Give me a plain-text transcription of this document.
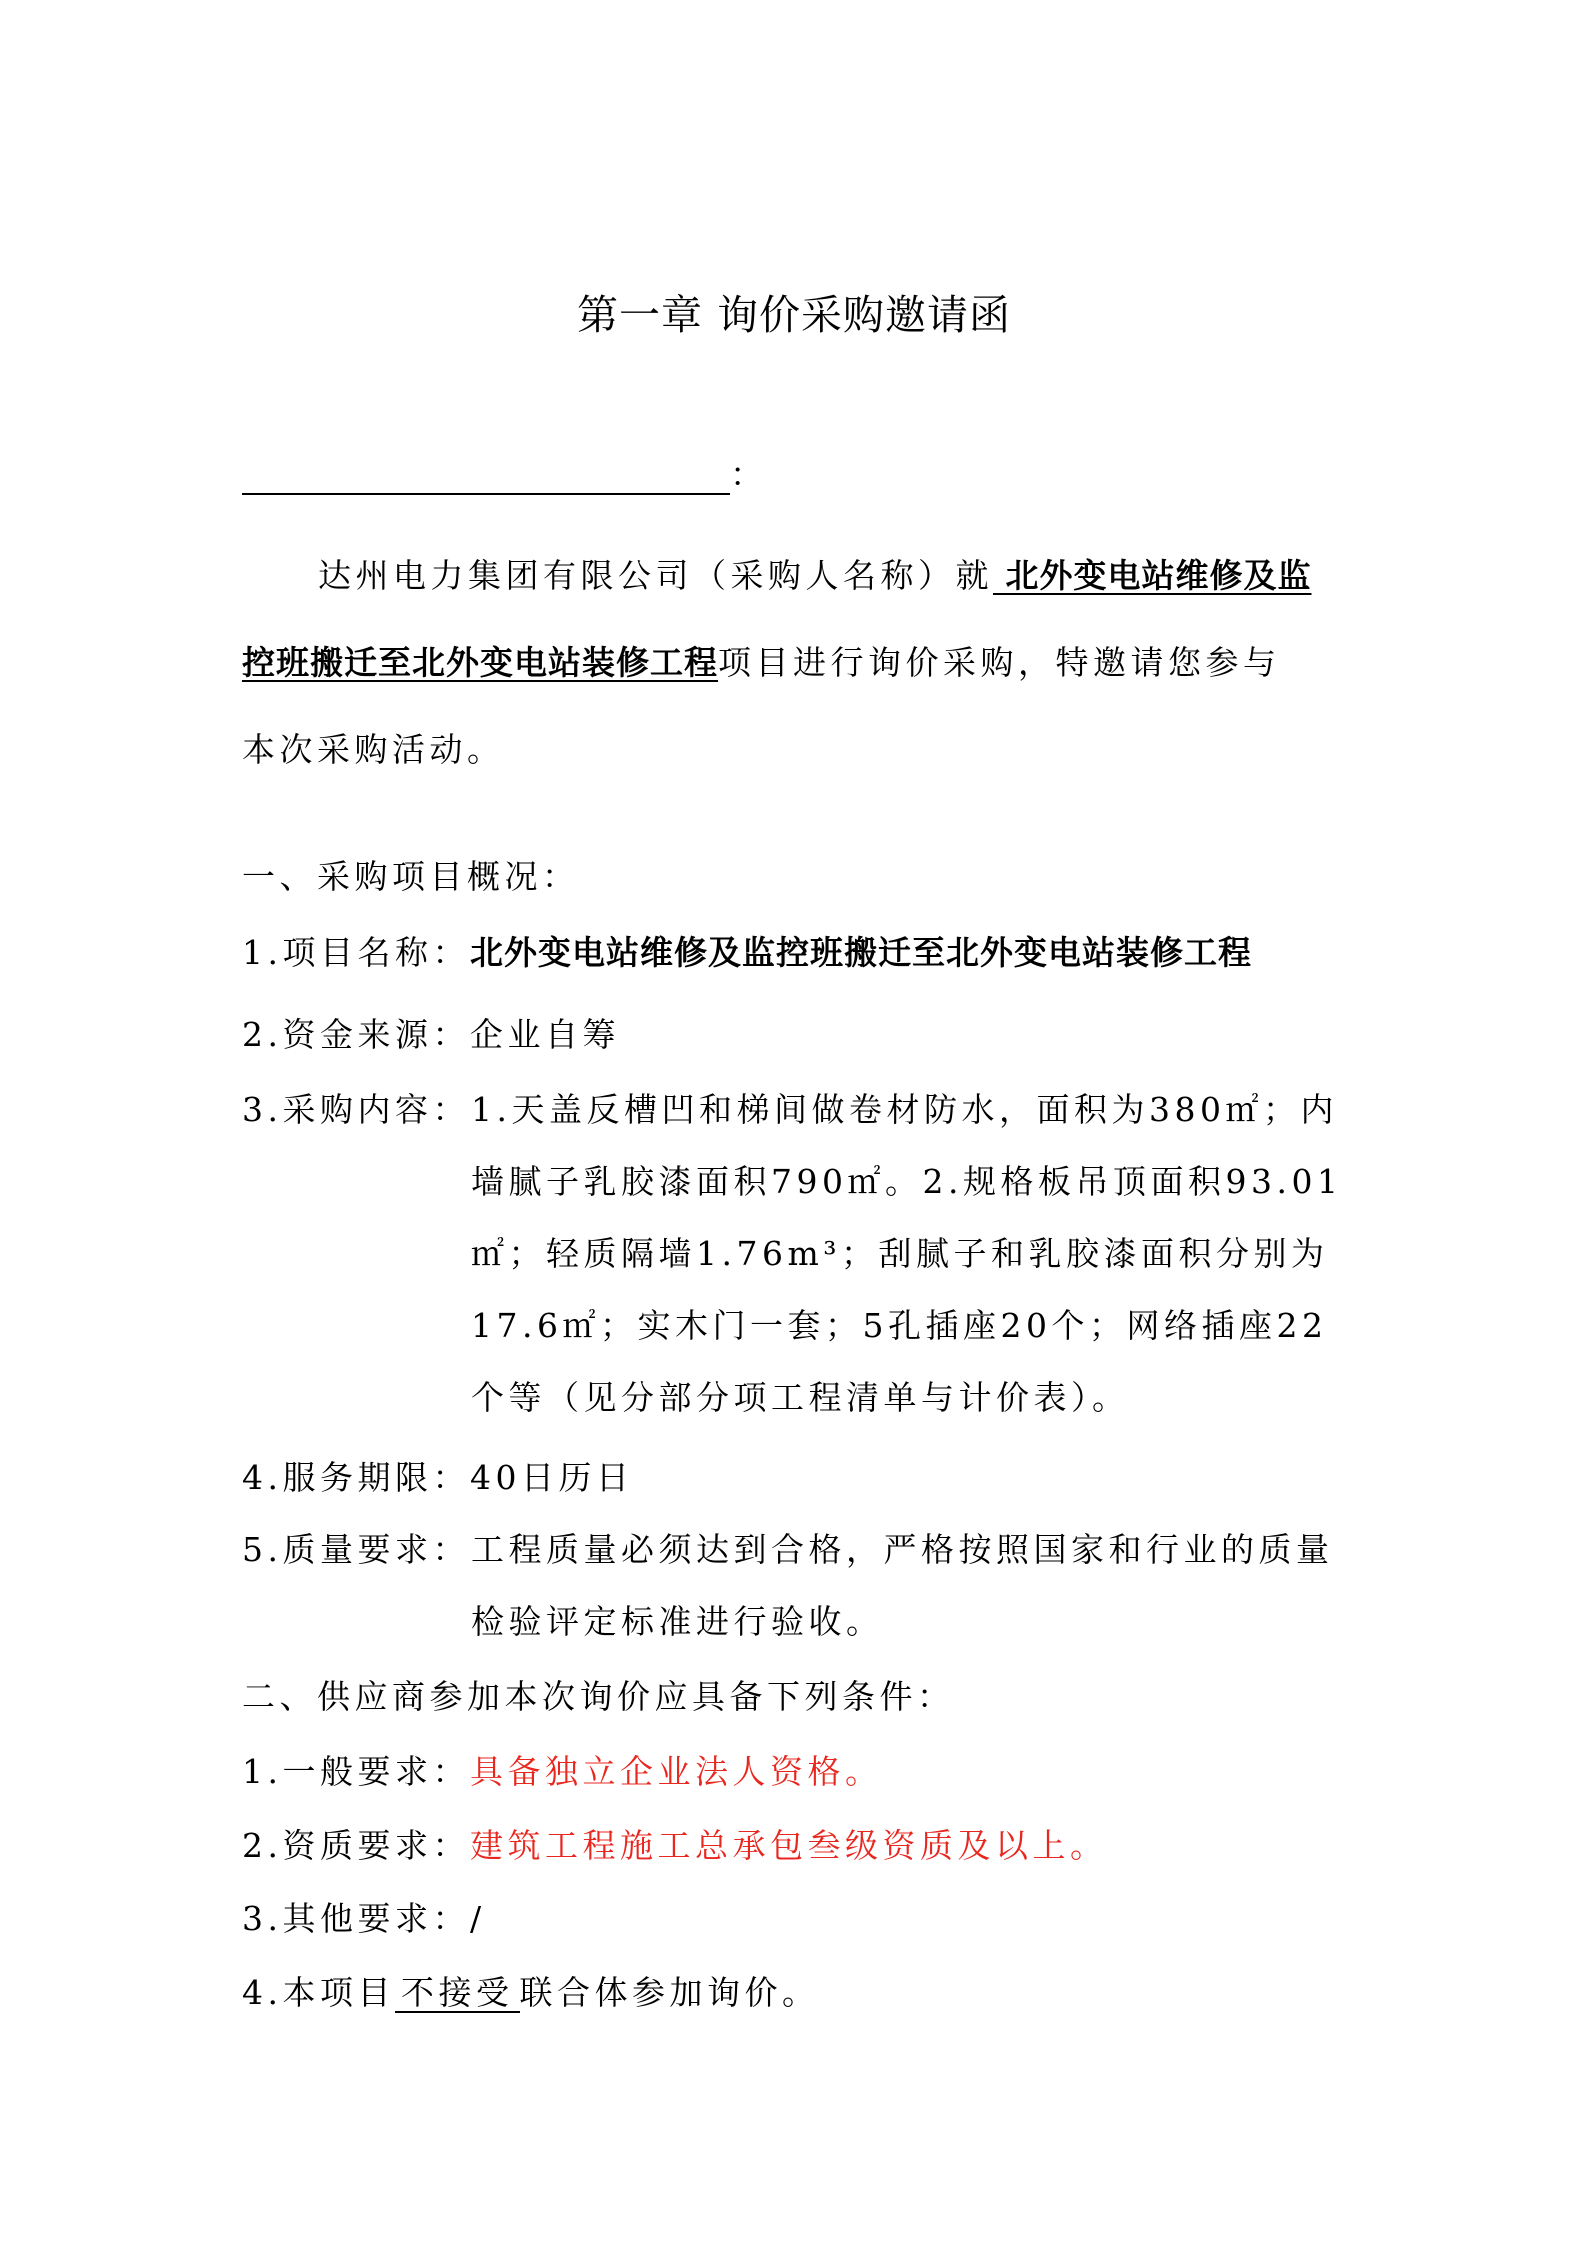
第一章 询价采购邀请函
：
达州电力集团有限公司（采购人名称）就 北外变电站维修及监
控班搬迁至北外变电站装修工程项目进行询价采购，特邀请您参与
本次采购活动。
一、采购项目概况：
1.项目名称：北外变电站维修及监控班搬迁至北外变电站装修工程
2.资金来源：企业自筹
3.采购内容： 1.天盖反槽凹和梯间做卷材防水，面积为380㎡；内
墙腻子乳胶漆面积790㎡。2.规格板吊顶面积93.01
㎡；轻质隔墙1.76m³；刮腻子和乳胶漆面积分别为
17.6㎡；实木门一套；5孔插座20个；网络插座22
个等（见分部分项工程清单与计价表）。
4.服务期限：40日历日
5.质量要求： 工程质量必须达到合格，严格按照国家和行业的质量
检验评定标准进行验收。
二、供应商参加本次询价应具备下列条件：
1.一般要求：具备独立企业法人资格。
2.资质要求：建筑工程施工总承包叁级资质及以上。
3.其他要求：/
4.本项目 不接受 联合体参加询价。
